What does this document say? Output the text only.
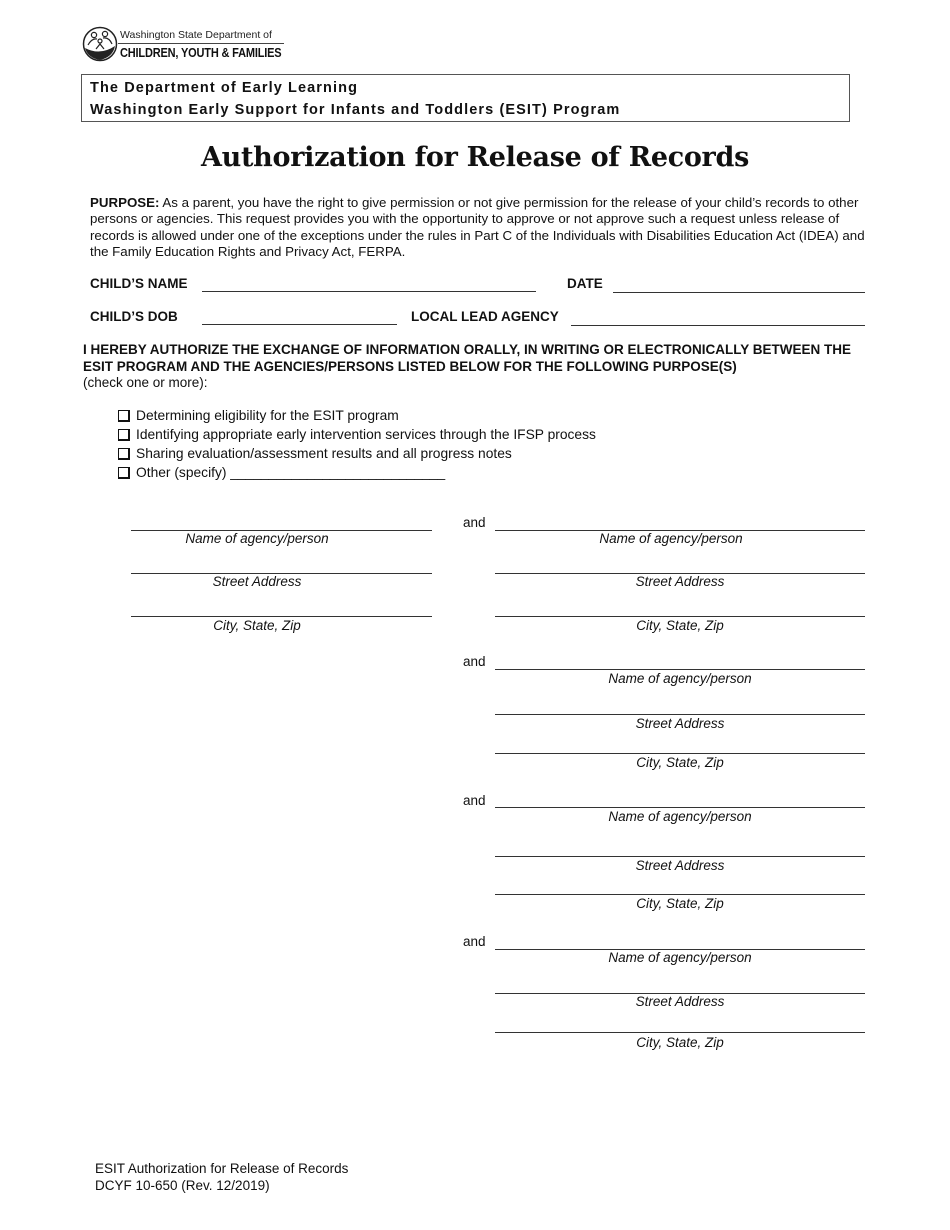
Washington State Department of
CHILDREN, YOUTH & FAMILIES
The Department of Early Learning
Washington Early Support for Infants and Toddlers (ESIT) Program
Authorization for Release of Records
PURPOSE: As a parent, you have the right to give permission or not give permission for the release of your child’s records to other persons or agencies. This request provides you with the opportunity to approve or not approve such a request unless release of records is allowed under one of the exceptions under the rules in Part C of the Individuals with Disabilities Education Act (IDEA) and the Family Education Rights and Privacy Act, FERPA.
CHILD’S NAME	DATE
CHILD’S DOB	LOCAL LEAD AGENCY
I HEREBY AUTHORIZE THE EXCHANGE OF INFORMATION ORALLY, IN WRITING OR ELECTRONICALLY BETWEEN THE ESIT PROGRAM AND THE AGENCIES/PERSONS LISTED BELOW FOR THE FOLLOWING PURPOSE(S)
(check one or more):
Determining eligibility for the ESIT program
Identifying appropriate early intervention services through the IFSP process
Sharing evaluation/assessment results and all progress notes
Other (specify) ____________________________
Name of agency/person
Street Address
City, State, Zip
and
Name of agency/person
Street Address
City, State, Zip
and
Name of agency/person
Street Address
City, State, Zip
and
Name of agency/person
Street Address
City, State, Zip
and
Name of agency/person
Street Address
City, State, Zip
ESIT Authorization for Release of Records
DCYF 10-650 (Rev. 12/2019)
